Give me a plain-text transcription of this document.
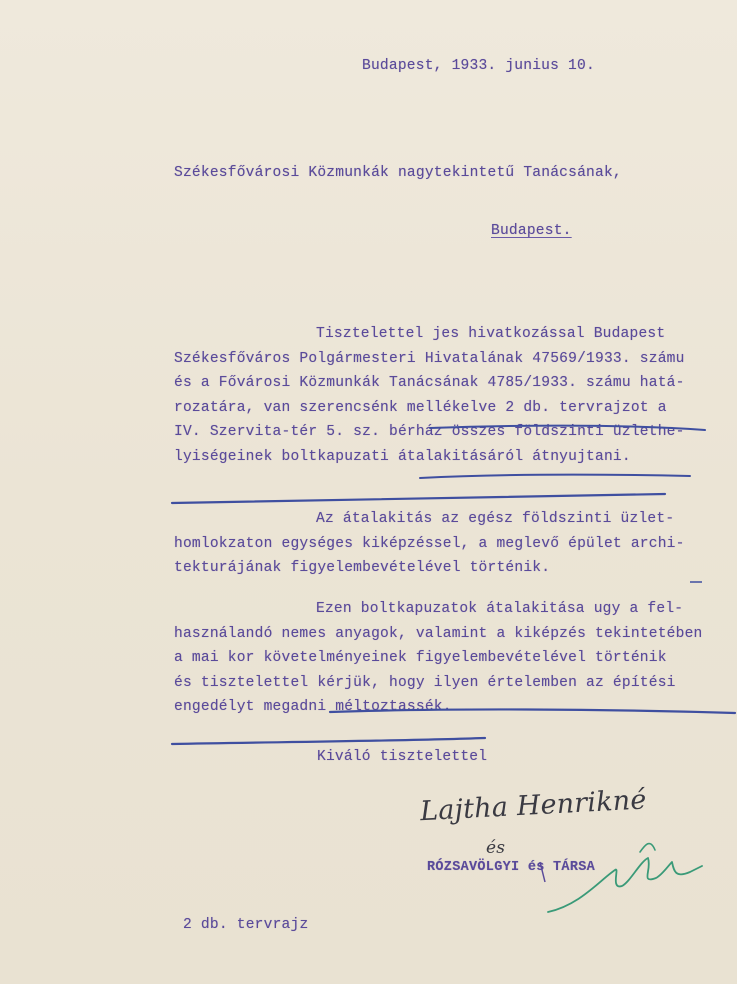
Budapest, 1933. junius 10.

Székesfővárosi Közmunkák nagytekintetű Tanácsának,

Budapest.

Tisztelettel jes hivatkozással Budapest
Székesfőváros Polgármesteri Hivatalának 47569/1933. számu
és a Fővárosi Közmunkák Tanácsának 4785/1933. számu hatá-
rozatára, van szerencsénk mellékelve 2 db. tervrajzot a
IV. Szervita-tér 5. sz. bérház összes földszinti üzlethe-
lyiségeinek boltkapuzati átalakitásáról átnyujtani.
Az átalakitás az egész földszinti üzlet-
homlokzaton egységes kiképzéssel, a meglevő épület archi-
tekturájának figyelembevételével történik.
Ezen boltkapuzatok átalakitása ugy a fel-
használandó nemes anyagok, valamint a kiképzés tekintetében
a mai kor követelményeinek figyelembevételével történik
és tisztelettel kérjük, hogy ilyen értelemben az építési
engedélyt megadni méltoztassék.

Kiváló tisztelettel

RÓZSAVÖLGYI és TÁRSA

2 db. tervrajz

Lajtha Henrikné
és
